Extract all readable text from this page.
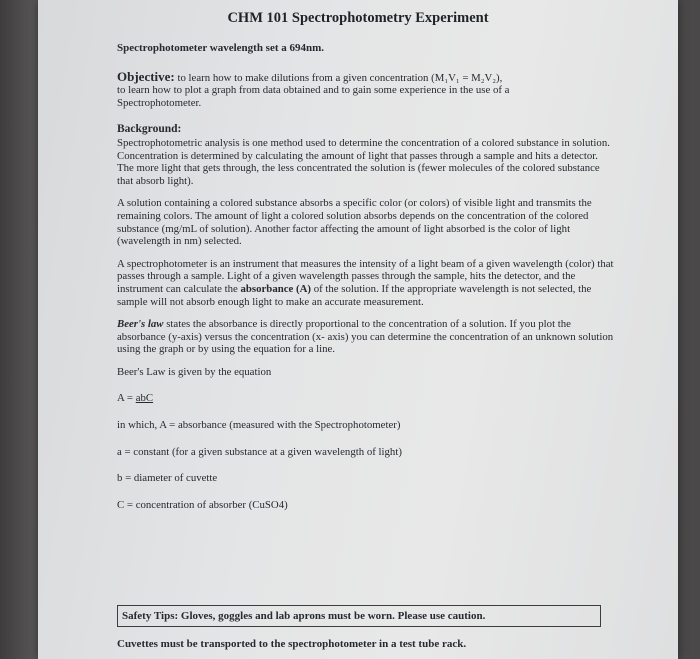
CHM 101 Spectrophotometry Experiment

Spectrophotometer wavelength set a 694nm.

Objective: to learn how to make dilutions from a given concentration (M₁V₁ = M₂V₂),

to learn how to plot a graph from data obtained and to gain some experience in the use of a

Spectrophotometer.

Background:

Spectrophotometric analysis is one method used to determine the concentration of a colored substance in solution. Concentration is determined by calculating the amount of light that passes through a sample and hits a detector. The more light that gets through, the less concentrated the solution is (fewer molecules of the colored substance that absorb light).

A solution containing a colored substance absorbs a specific color (or colors) of visible light and transmits the remaining colors. The amount of light a colored solution absorbs depends on the concentration of the colored substance (mg/mL of solution). Another factor affecting the amount of light absorbed is the color of light (wavelength in nm) selected.

A spectrophotometer is an instrument that measures the intensity of a light beam of a given wavelength (color) that passes through a sample. Light of a given wavelength passes through the sample, hits the detector, and the instrument can calculate the absorbance (A) of the solution. If the appropriate wavelength is not selected, the sample will not absorb enough light to make an accurate measurement.

Beer's law states the absorbance is directly proportional to the concentration of a solution. If you plot the absorbance (y-axis) versus the concentration (x- axis) you can determine the concentration of an unknown solution using the graph or by using the equation for a line.

Beer's Law is given by the equation

A = abC

in which, A = absorbance (measured with the Spectrophotometer)

a = constant (for a given substance at a given wavelength of light)

b = diameter of cuvette

C = concentration of absorber (CuSO4)

Safety Tips: Gloves, goggles and lab aprons must be worn. Please use caution.
Cuvettes must be transported to the spectrophotometer in a test tube rack.
